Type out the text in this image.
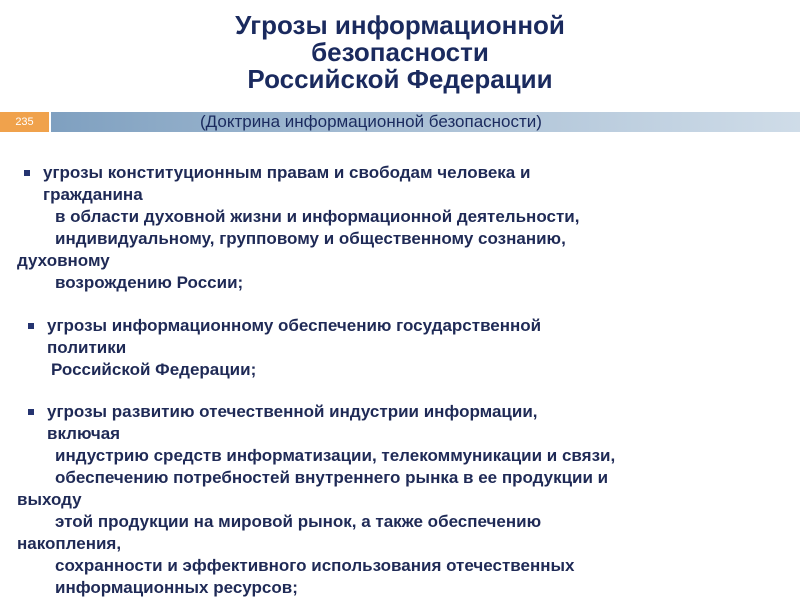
Угрозы информационной
безопасности
Российской Федерации
235	(Доктрина информационной безопасности)
угрозы конституционным правам и свободам человека и
гражданина
в области духовной жизни и информационной деятельности,
индивидуальному, групповому и общественному сознанию,
духовному
возрождению России;
угрозы информационному обеспечению государственной
политики
Российской Федерации;
угрозы развитию отечественной индустрии информации,
включая
индустрию средств информатизации, телекоммуникации и связи,
обеспечению потребностей внутреннего рынка в ее продукции и
выходу
этой продукции на мировой рынок, а также обеспечению
накопления,
сохранности и эффективного использования отечественных
информационных ресурсов;
